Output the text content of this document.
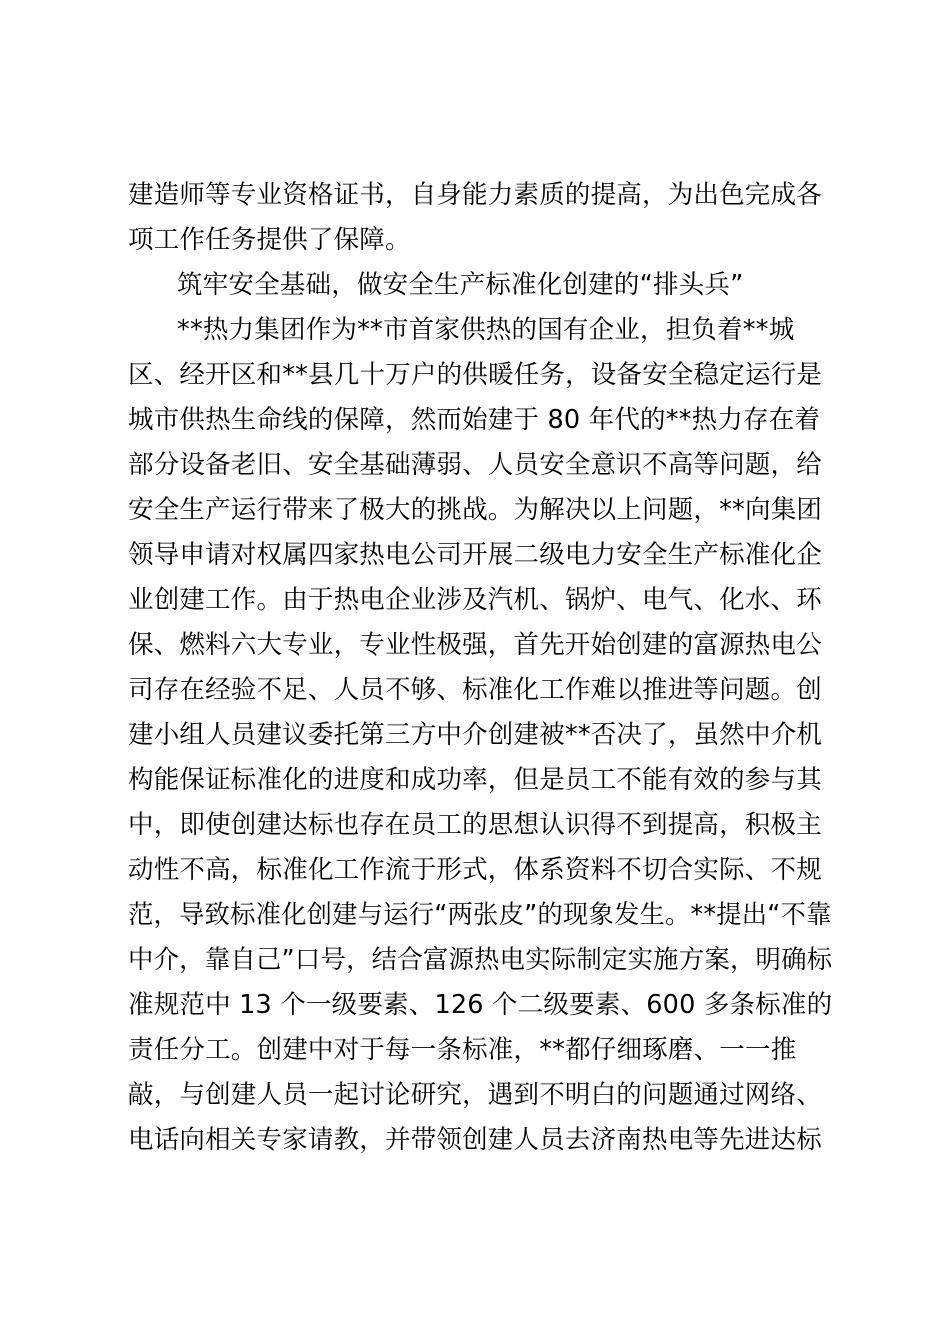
建造师等专业资格证书，自身能力素质的提高，为出色完成各
项工作任务提供了保障。
筑牢安全基础，做安全生产标准化创建的“排头兵”
**热力集团作为**市首家供热的国有企业，担负着**城
区、经开区和**县几十万户的供暖任务，设备安全稳定运行是
城市供热生命线的保障，然而始建于 80 年代的**热力存在着
部分设备老旧、安全基础薄弱、人员安全意识不高等问题，给
安全生产运行带来了极大的挑战。为解决以上问题，**向集团
领导申请对权属四家热电公司开展二级电力安全生产标准化企
业创建工作。由于热电企业涉及汽机、锅炉、电气、化水、环
保、燃料六大专业，专业性极强，首先开始创建的富源热电公
司存在经验不足、人员不够、标准化工作难以推进等问题。创
建小组人员建议委托第三方中介创建被**否决了，虽然中介机
构能保证标准化的进度和成功率，但是员工不能有效的参与其
中，即使创建达标也存在员工的思想认识得不到提高，积极主
动性不高，标准化工作流于形式，体系资料不切合实际、不规
范，导致标准化创建与运行“两张皮”的现象发生。**提出“不靠
中介，靠自己”口号，结合富源热电实际制定实施方案，明确标
准规范中 13 个一级要素、126 个二级要素、600 多条标准的
责任分工。创建中对于每一条标准，**都仔细琢磨、一一推
敲，与创建人员一起讨论研究，遇到不明白的问题通过网络、
电话向相关专家请教，并带领创建人员去济南热电等先进达标
